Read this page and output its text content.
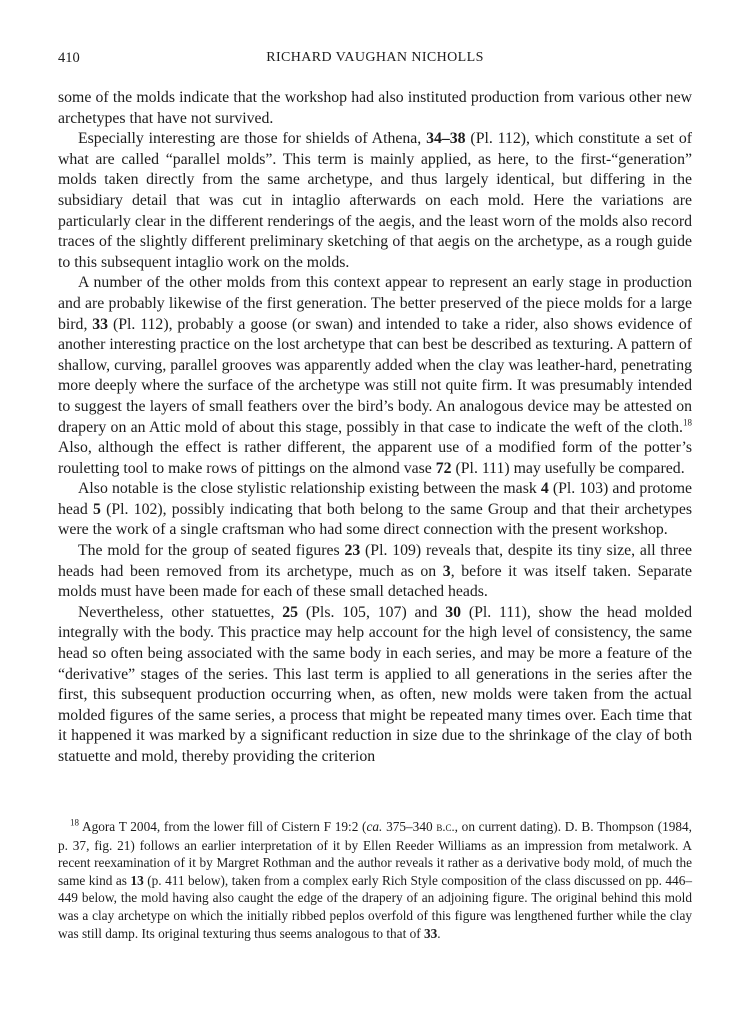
410	RICHARD VAUGHAN NICHOLLS

some of the molds indicate that the workshop had also instituted production from various other new archetypes that have not survived.

Especially interesting are those for shields of Athena, 34–38 (Pl. 112), which constitute a set of what are called “parallel molds”. This term is mainly applied, as here, to the first-“generation” molds taken directly from the same archetype, and thus largely identical, but differing in the subsidiary detail that was cut in intaglio afterwards on each mold. Here the variations are particularly clear in the different renderings of the aegis, and the least worn of the molds also record traces of the slightly different preliminary sketching of that aegis on the archetype, as a rough guide to this subsequent intaglio work on the molds.

A number of the other molds from this context appear to represent an early stage in production and are probably likewise of the first generation. The better preserved of the piece molds for a large bird, 33 (Pl. 112), probably a goose (or swan) and intended to take a rider, also shows evidence of another interesting practice on the lost archetype that can best be described as texturing. A pattern of shallow, curving, parallel grooves was apparently added when the clay was leather-hard, penetrating more deeply where the surface of the archetype was still not quite firm. It was presumably intended to suggest the layers of small feathers over the bird’s body. An analogous device may be attested on drapery on an Attic mold of about this stage, possibly in that case to indicate the weft of the cloth.$^{18}$ Also, although the effect is rather different, the apparent use of a modified form of the potter’s rouletting tool to make rows of pittings on the almond vase 72 (Pl. 111) may usefully be compared.

Also notable is the close stylistic relationship existing between the mask 4 (Pl. 103) and protome head 5 (Pl. 102), possibly indicating that both belong to the same Group and that their archetypes were the work of a single craftsman who had some direct connection with the present workshop.

The mold for the group of seated figures 23 (Pl. 109) reveals that, despite its tiny size, all three heads had been removed from its archetype, much as on 3, before it was itself taken. Separate molds must have been made for each of these small detached heads.

Nevertheless, other statuettes, 25 (Pls. 105, 107) and 30 (Pl. 111), show the head molded integrally with the body. This practice may help account for the high level of consistency, the same head so often being associated with the same body in each series, and may be more a feature of the “derivative” stages of the series. This last term is applied to all generations in the series after the first, this subsequent production occurring when, as often, new molds were taken from the actual molded figures of the same series, a process that might be repeated many times over. Each time that it happened it was marked by a significant reduction in size due to the shrinkage of the clay of both statuette and mold, thereby providing the criterion

$^{18}$ Agora T 2004, from the lower fill of Cistern F 19:2 (ca. 375–340 b.c., on current dating). D. B. Thompson (1984, p. 37, fig. 21) follows an earlier interpretation of it by Ellen Reeder Williams as an impression from metalwork. A recent reexamination of it by Margret Rothman and the author reveals it rather as a derivative body mold, of much the same kind as 13 (p. 411 below), taken from a complex early Rich Style composition of the class discussed on pp. 446–449 below, the mold having also caught the edge of the drapery of an adjoining figure. The original behind this mold was a clay archetype on which the initially ribbed peplos overfold of this figure was lengthened further while the clay was still damp. Its original texturing thus seems analogous to that of 33.
